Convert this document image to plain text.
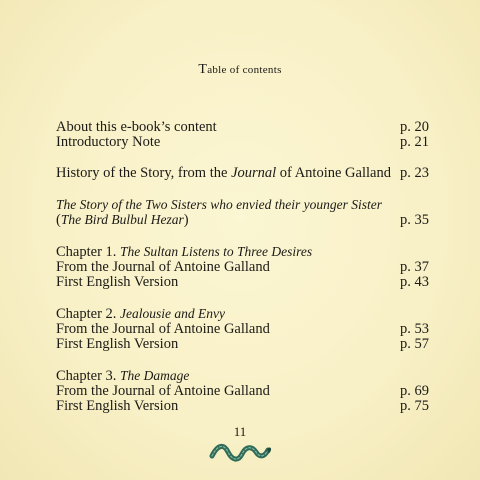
Table of contents
About this e-book’s content	p. 20
Introductory Note	p. 21
History of the Story, from the Journal of Antoine Galland p. 23
The Story of the Two Sisters who envied their younger Sister
(The Bird Bulbul Hezar)	p. 35
Chapter 1. The Sultan Listens to Three Desires
From the Journal of Antoine Galland	p. 37
First English Version	p. 43
Chapter 2. Jealousie and Envy
From the Journal of Antoine Galland	p. 53
First English Version	p. 57
Chapter 3. The Damage
From the Journal of Antoine Galland	p. 69
First English Version	p. 75
11
